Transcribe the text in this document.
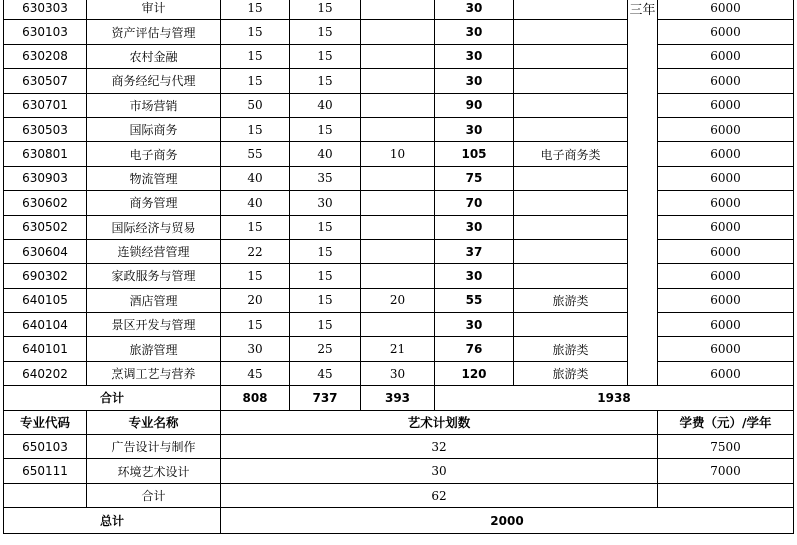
630303	审计	15	15		30		三年	6000
630103	资产评估与管理	15	15		30			6000
630208	农村金融	15	15		30			6000
630507	商务经纪与代理	15	15		30			6000
630701	市场营销	50	40		90			6000
630503	国际商务	15	15		30			6000
630801	电子商务	55	40	10	105	电子商务类		6000
630903	物流管理	40	35		75			6000
630602	商务管理	40	30		70			6000
630502	国际经济与贸易	15	15		30			6000
630604	连锁经营管理	22	15		37			6000
690302	家政服务与管理	15	15		30			6000
640105	酒店管理	20	15	20	55	旅游类		6000
640104	景区开发与管理	15	15		30			6000
640101	旅游管理	30	25	21	76	旅游类		6000
640202	烹调工艺与营养	45	45	30	120	旅游类		6000
合计		808	737	393	1938			
专业代码	专业名称	艺术计划数						学费（元）/学年
650103	广告设计与制作	32						7500
650111	环境艺术设计	30						7000
	合计	62						
总计		2000						
